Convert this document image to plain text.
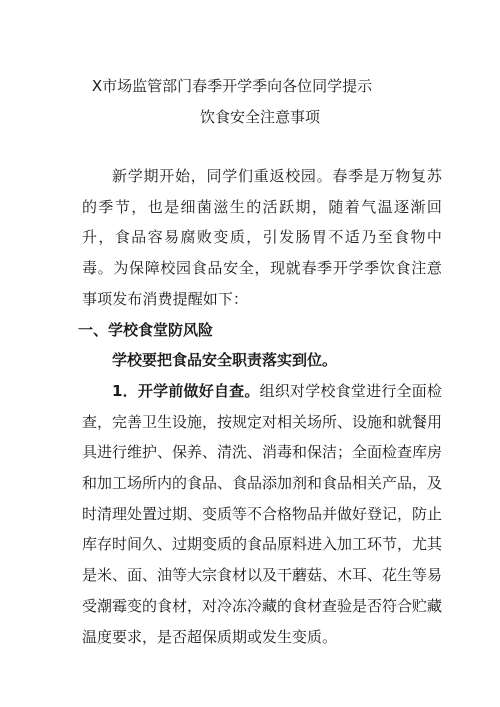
X市场监管部门春季开学季向各位同学提示
饮食安全注意事项

新学期开始，同学们重返校园。春季是万物复苏的季节，也是细菌滋生的活跃期，随着气温逐渐回升，食品容易腐败变质，引发肠胃不适乃至食物中毒。为保障校园食品安全，现就春季开学季饮食注意事项发布消费提醒如下：

一、学校食堂防风险

学校要把食品安全职责落实到位。

1．开学前做好自查。组织对学校食堂进行全面检查，完善卫生设施，按规定对相关场所、设施和就餐用具进行维护、保养、清洗、消毒和保洁；全面检查库房和加工场所内的食品、食品添加剂和食品相关产品，及时清理处置过期、变质等不合格物品并做好登记，防止库存时间久、过期变质的食品原料进入加工环节，尤其是米、面、油等大宗食材以及干蘑菇、木耳、花生等易受潮霉变的食材，对冷冻冷藏的食材查验是否符合贮藏温度要求，是否超保质期或发生变质。
